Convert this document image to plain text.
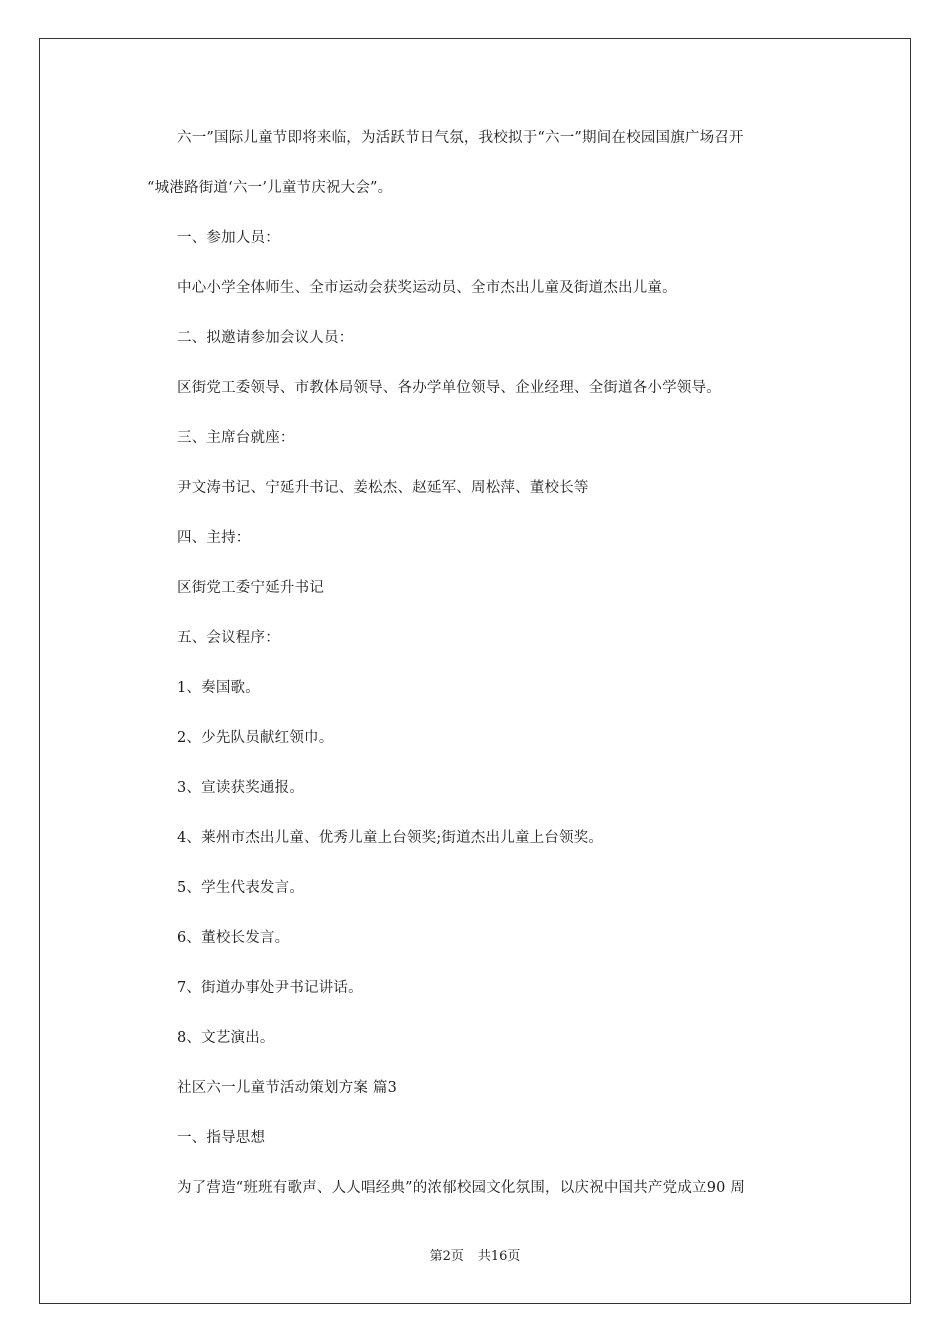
六一”国际儿童节即将来临，为活跃节日气氛，我校拟于“六一”期间在校园国旗广场召开
“城港路街道‘六一’儿童节庆祝大会”。
一、参加人员：
中心小学全体师生、全市运动会获奖运动员、全市杰出儿童及街道杰出儿童。
二、拟邀请参加会议人员：
区街党工委领导、市教体局领导、各办学单位领导、企业经理、全街道各小学领导。
三、主席台就座：
尹文涛书记、宁延升书记、姜松杰、赵延军、周松萍、董校长等
四、主持：
区街党工委宁延升书记
五、会议程序：
1、奏国歌。
2、少先队员献红领巾。
3、宣读获奖通报。
4、莱州市杰出儿童、优秀儿童上台领奖;街道杰出儿童上台领奖。
5、学生代表发言。
6、董校长发言。
7、街道办事处尹书记讲话。
8、文艺演出。
社区六一儿童节活动策划方案 篇3
一、指导思想
为了营造“班班有歌声、人人唱经典”的浓郁校园文化氛围，以庆祝中国共产党成立90 周
第2页 共16页
